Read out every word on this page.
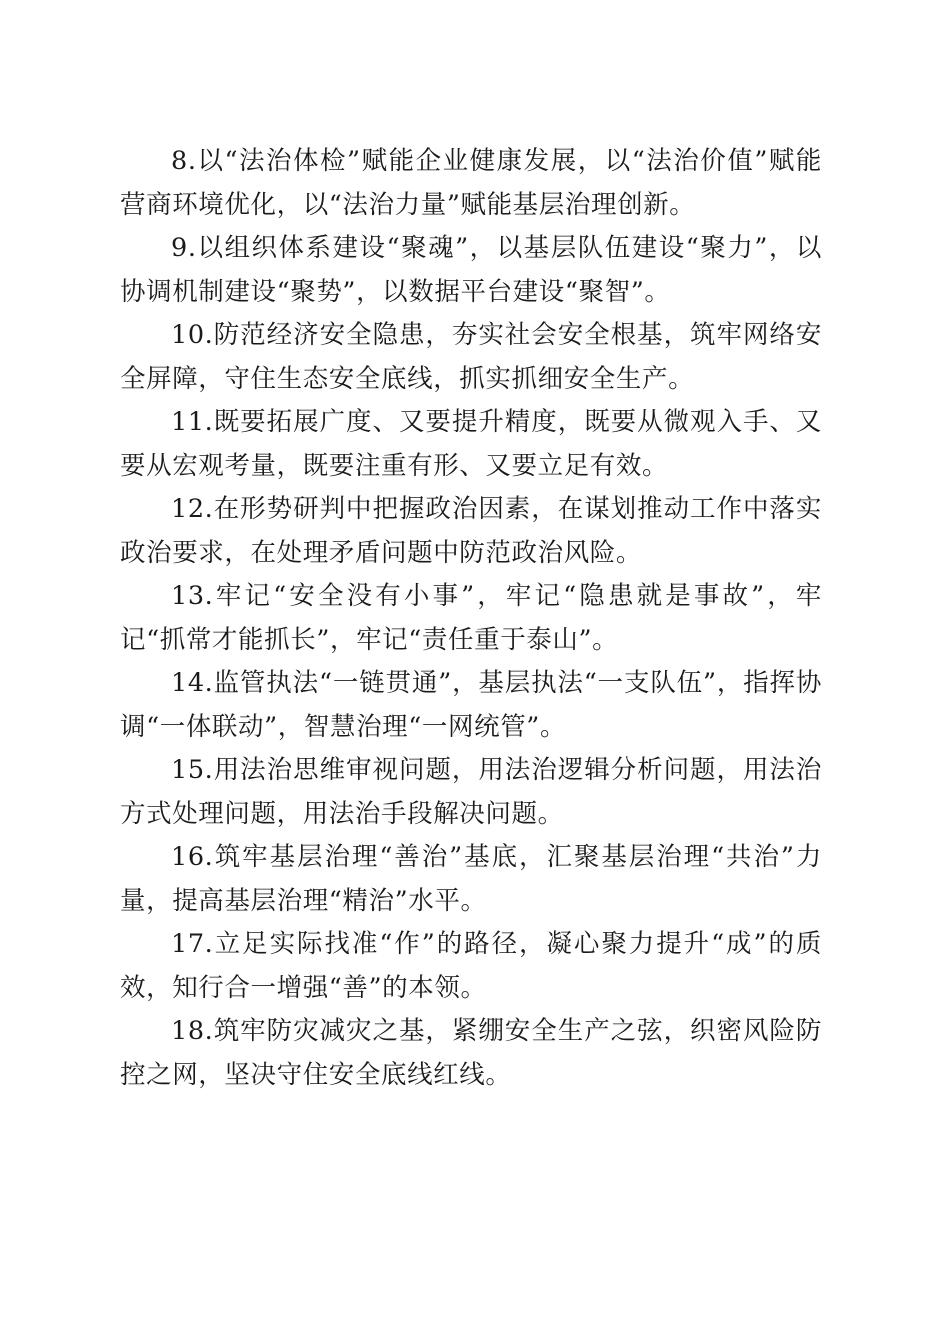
8.以“法治体检”赋能企业健康发展，以“法治价值”赋能营商环境优化，以“法治力量”赋能基层治理创新。

9.以组织体系建设“聚魂”，以基层队伍建设“聚力”，以协调机制建设“聚势”，以数据平台建设“聚智”。

10.防范经济安全隐患，夯实社会安全根基，筑牢网络安全屏障，守住生态安全底线，抓实抓细安全生产。

11.既要拓展广度、又要提升精度，既要从微观入手、又要从宏观考量，既要注重有形、又要立足有效。

12.在形势研判中把握政治因素，在谋划推动工作中落实政治要求，在处理矛盾问题中防范政治风险。

13.牢记“安全没有小事”，牢记“隐患就是事故”，牢记“抓常才能抓长”，牢记“责任重于泰山”。

14.监管执法“一链贯通”，基层执法“一支队伍”，指挥协调“一体联动”，智慧治理“一网统管”。

15.用法治思维审视问题，用法治逻辑分析问题，用法治方式处理问题，用法治手段解决问题。

16.筑牢基层治理“善治”基底，汇聚基层治理“共治”力量，提高基层治理“精治”水平。

17.立足实际找准“作”的路径，凝心聚力提升“成”的质效，知行合一增强“善”的本领。

18.筑牢防灾减灾之基，紧绷安全生产之弦，织密风险防控之网，坚决守住安全底线红线。
